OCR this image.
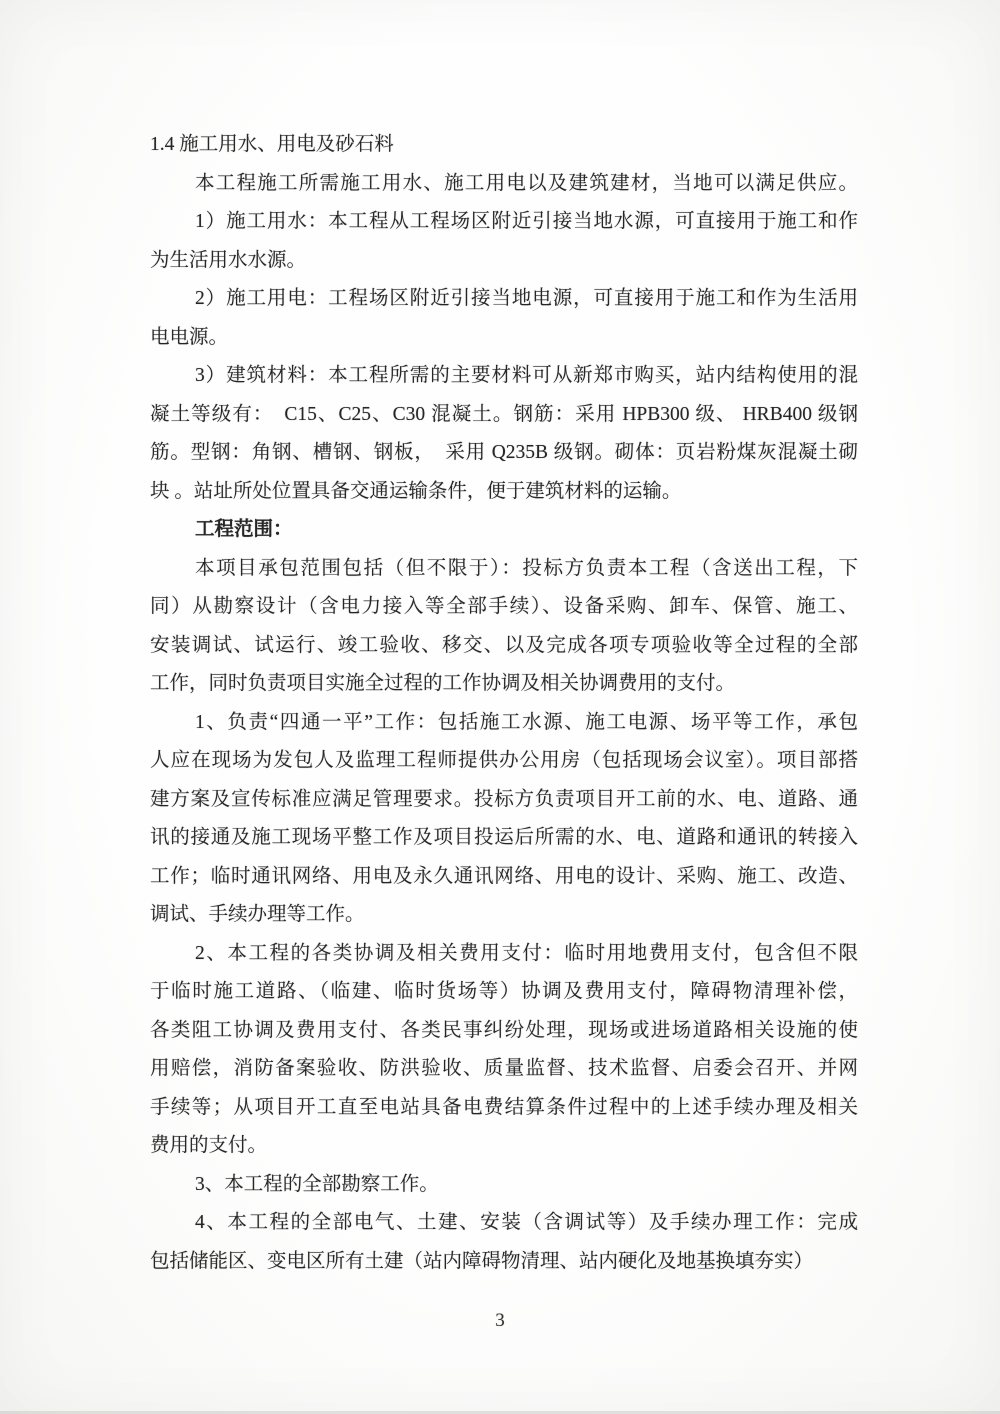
1.4 施工用水、用电及砂石料
本工程施工所需施工用水、施工用电以及建筑建材，当地可以满足供应。
1）施工用水：本工程从工程场区附近引接当地水源，可直接用于施工和作
为生活用水水源。
2）施工用电：工程场区附近引接当地电源，可直接用于施工和作为生活用
电电源。
3）建筑材料：本工程所需的主要材料可从新郑市购买，站内结构使用的混
凝土等级有：　C15、C25、C30 混凝土。钢筋：采用 HPB300 级、 HRB400 级钢
筋。型钢：角钢、槽钢、钢板，　采用 Q235B 级钢。砌体：页岩粉煤灰混凝土砌
块 。站址所处位置具备交通运输条件，便于建筑材料的运输。
工程范围：
本项目承包范围包括（但不限于）：投标方负责本工程（含送出工程，下
同）从勘察设计（含电力接入等全部手续）、设备采购、卸车、保管、施工、
安装调试、试运行、竣工验收、移交、以及完成各项专项验收等全过程的全部
工作，同时负责项目实施全过程的工作协调及相关协调费用的支付。
1、负责“四通一平”工作：包括施工水源、施工电源、场平等工作，承包
人应在现场为发包人及监理工程师提供办公用房（包括现场会议室）。项目部搭
建方案及宣传标准应满足管理要求。投标方负责项目开工前的水、电、道路、通
讯的接通及施工现场平整工作及项目投运后所需的水、电、道路和通讯的转接入
工作；临时通讯网络、用电及永久通讯网络、用电的设计、采购、施工、改造、
调试、手续办理等工作。
2、本工程的各类协调及相关费用支付：临时用地费用支付，包含但不限
于临时施工道路、（临建、临时货场等）协调及费用支付，障碍物清理补偿，
各类阻工协调及费用支付、各类民事纠纷处理，现场或进场道路相关设施的使
用赔偿，消防备案验收、防洪验收、质量监督、技术监督、启委会召开、并网
手续等；从项目开工直至电站具备电费结算条件过程中的上述手续办理及相关
费用的支付。
3、本工程的全部勘察工作。
4、本工程的全部电气、土建、安装（含调试等）及手续办理工作：完成
包括储能区、变电区所有土建（站内障碍物清理、站内硬化及地基换填夯实）
3
